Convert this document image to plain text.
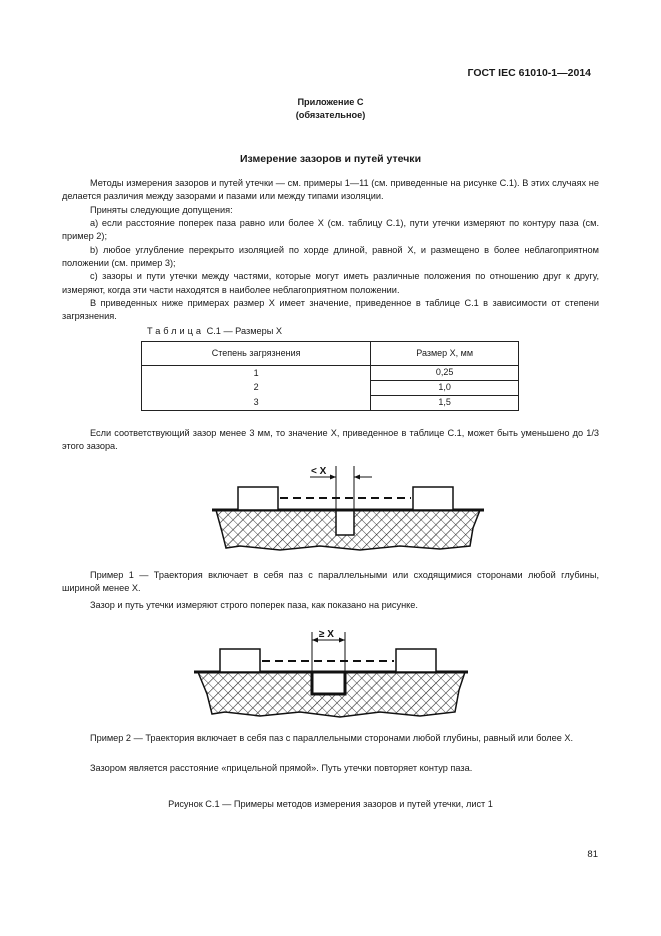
ГОСТ IEC 61010-1—2014
Приложение С
(обязательное)
Измерение зазоров и путей утечки

Методы измерения зазоров и путей утечки — см. примеры 1—11 (см. приведенные на рисунке С.1). В этих случаях не делается различия между зазорами и пазами или между типами изоляции.

Приняты следующие допущения:

а) если расстояние поперек паза равно или более X (см. таблицу С.1), пути утечки измеряют по контуру паза (см. пример 2);

b) любое углубление перекрыто изоляцией по хорде длиной, равной X, и размещено в более неблагоприятном положении (см. пример 3);

с) зазоры и пути утечки между частями, которые могут иметь различные положения по отношению друг к другу, измеряют, когда эти части находятся в наиболее неблагоприятном положении.

В приведенных ниже примерах размер X имеет значение, приведенное в таблице С.1 в зависимости от степени загрязнения.

Таблица С.1 — Размеры X
Степень загрязнения	Размер X, мм
1	0,25
2	1,0
3	1,5

Если соответствующий зазор менее 3 мм, то значение X, приведенное в таблице С.1, может быть уменьшено до 1/3 этого зазора.

< X

Пример 1 — Траектория включает в себя паз с параллельными или сходящимися сторонами любой глубины, шириной менее X.

Зазор и путь утечки измеряют строго поперек паза, как показано на рисунке.

≥ X

Пример 2 — Траектория включает в себя паз с параллельными сторонами любой глубины, равный или более X.

Зазором является расстояние «прицельной прямой». Путь утечки повторяет контур паза.

Рисунок С.1 — Примеры методов измерения зазоров и путей утечки, лист 1
81
